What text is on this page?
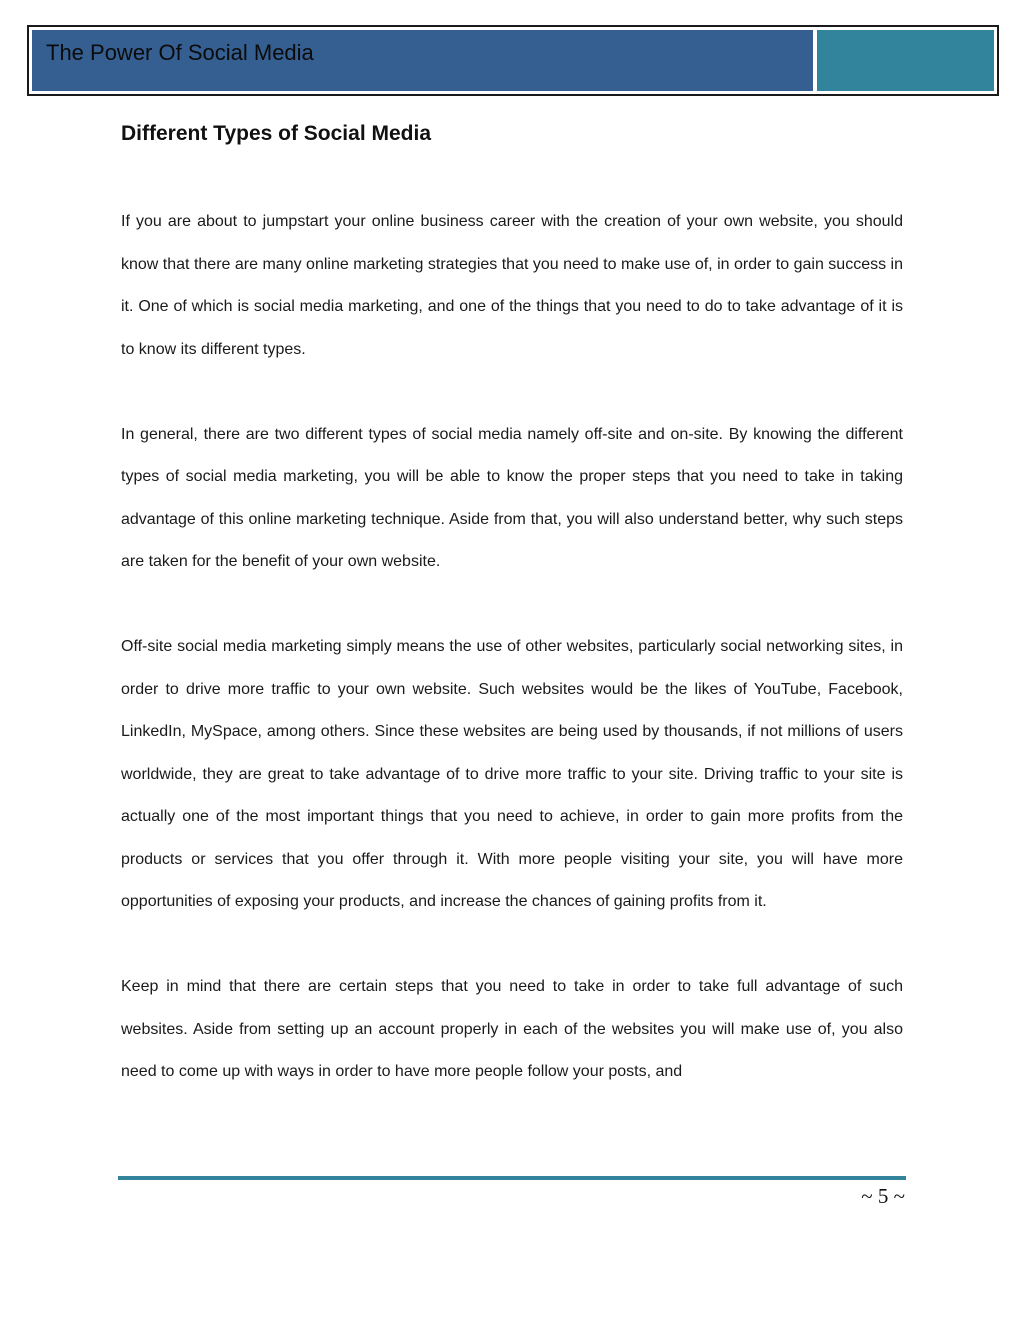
The Power Of Social Media
Different Types of Social Media

If you are about to jumpstart your online business career with the creation of your own website, you should know that there are many online marketing strategies that you need to make use of, in order to gain success in it. One of which is social media marketing, and one of the things that you need to do to take advantage of it is to know its different types.

In general, there are two different types of social media namely off-site and on-site. By knowing the different types of social media marketing, you will be able to know the proper steps that you need to take in taking advantage of this online marketing technique. Aside from that, you will also understand better, why such steps are taken for the benefit of your own website.

Off-site social media marketing simply means the use of other websites, particularly social networking sites, in order to drive more traffic to your own website. Such websites would be the likes of YouTube, Facebook, LinkedIn, MySpace, among others. Since these websites are being used by thousands, if not millions of users worldwide, they are great to take advantage of to drive more traffic to your site. Driving traffic to your site is actually one of the most important things that you need to achieve, in order to gain more profits from the products or services that you offer through it. With more people visiting your site, you will have more opportunities of exposing your products, and increase the chances of gaining profits from it.

Keep in mind that there are certain steps that you need to take in order to take full advantage of such websites. Aside from setting up an account properly in each of the websites you will make use of, you also need to come up with ways in order to have more people follow your posts, and

~ 5 ~
